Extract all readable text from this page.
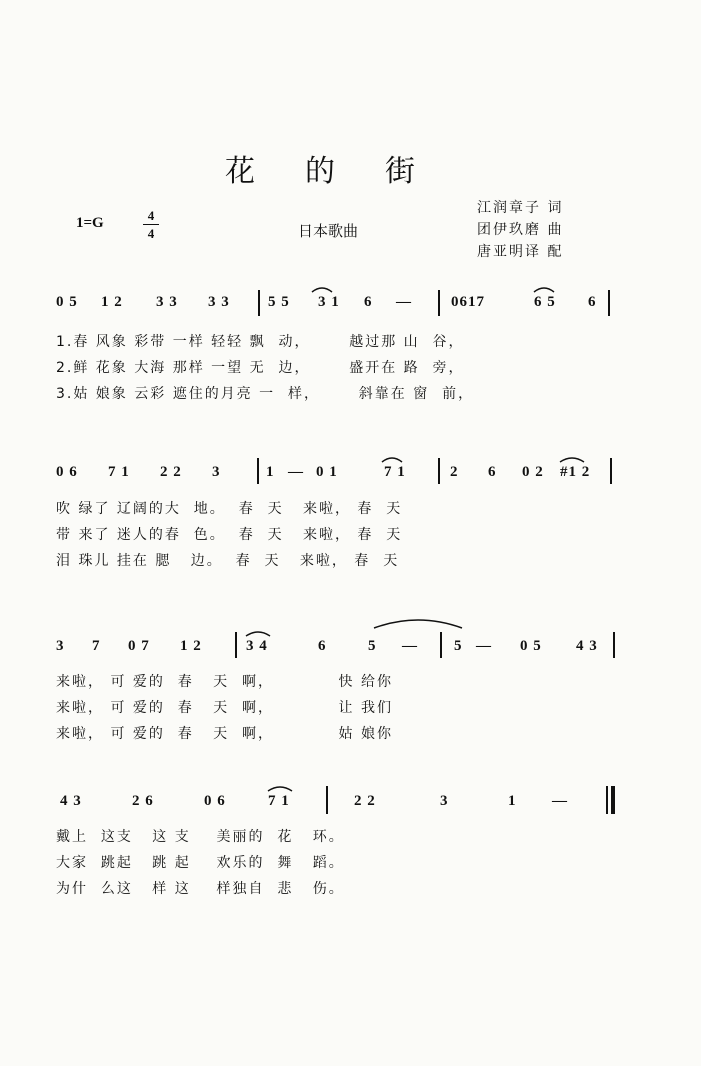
花的街
1=G	4
4	日本歌曲
江润章子 词
团伊玖磨 曲
唐亚明译 配
0 5 1 2 3 3 3 3	5 5 3 1 6 —	0617	6 5 6
1.春 风象 彩带 一样 轻轻 飘  动，      越过那 山  谷，
2.鲜 花象 大海 那样 一望 无  边，      盛开在 路  旁，
3.姑 娘象 云彩 遮住的月亮 一  样，      斜靠在 窗  前，
0 6 7 1 2 2 3	1 — 0 1	7 1	2 6 0 2 #1 2
吹 绿了 辽阔的大  地。  春  天   来啦， 春  天
带 来了 迷人的春  色。  春  天   来啦， 春  天
泪 珠儿 挂在 腮   边。  春  天   来啦， 春  天
3 7 0 7 1 2	3 4	6	5 — 5 — 0 5 4 3
来啦， 可 爱的  春   天  啊，          快 给你
来啦， 可 爱的  春   天  啊，          让 我们
来啦， 可 爱的  春   天  啊，          姑 娘你
4 3	2 6	0 6	7 1	2 2	3	1 —
戴上  这支   这 支    美丽的  花   环。
大家  跳起   跳 起    欢乐的  舞   蹈。
为什  么这   样 这    样独自  悲   伤。
